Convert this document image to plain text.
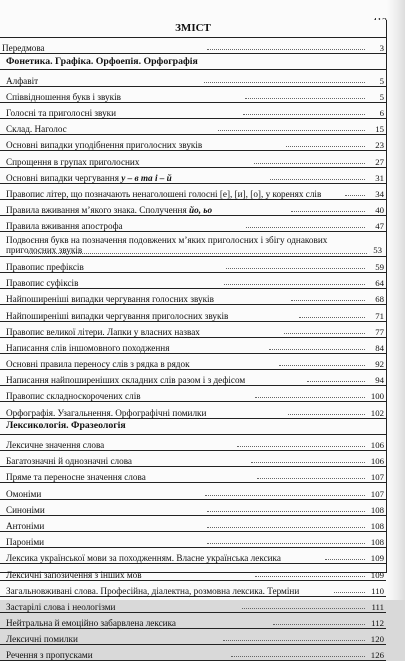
ЗМІСТ
Передмова	3
Фонетика. Графіка. Орфоепія. Орфографія
Алфавіт	5
Співвідношення букв і звуків	5
Голосні та приголосні звуки	6
Склад. Наголос	15
Основні випадки уподібнення приголосних звуків	23
Спрощення в групах приголосних	27
Основні випадки чергування у – в та і – й	31
Правопис літер, що позначають ненаголошені голосні [е], [и], [о], у коренях слів	34
Правила вживання м’якого знака. Сполучення йо, ьо	40
Правила вживання апострофа	47
Подвоєння букв на позначення подовжених м’яких приголосних і збігу однакових приголосних звуків	53
Правопис префіксів	59
Правопис суфіксів	64
Найпоширеніші випадки чергування голосних звуків	68
Найпоширеніші випадки чергування приголосних звуків	71
Правопис великої літери. Лапки у власних назвах	77
Написання слів іншомовного походження	84
Основні правила переносу слів з рядка в рядок	92
Написання найпоширеніших складних слів разом і з дефісом	94
Правопис складноскорочених слів	100
Орфографія. Узагальнення. Орфографічні помилки	102
Лексикологія. Фразеологія
Лексичне значення слова	106
Багатозначні й однозначні слова	106
Пряме та переносне значення слова	107
Омоніми	107
Синоніми	108
Антоніми	108
Пароніми	108
Лексика української мови за походженням. Власне українська лексика	109
Лексичні запозичення з інших мов	109
Загальновживані слова. Професійна, діалектна, розмовна лексика. Терміни	110
Застарілі слова і неологізми	111
Нейтральна й емоційно забарвлена лексика	112
Лексичні помилки	120
Речення з пропусками	126
